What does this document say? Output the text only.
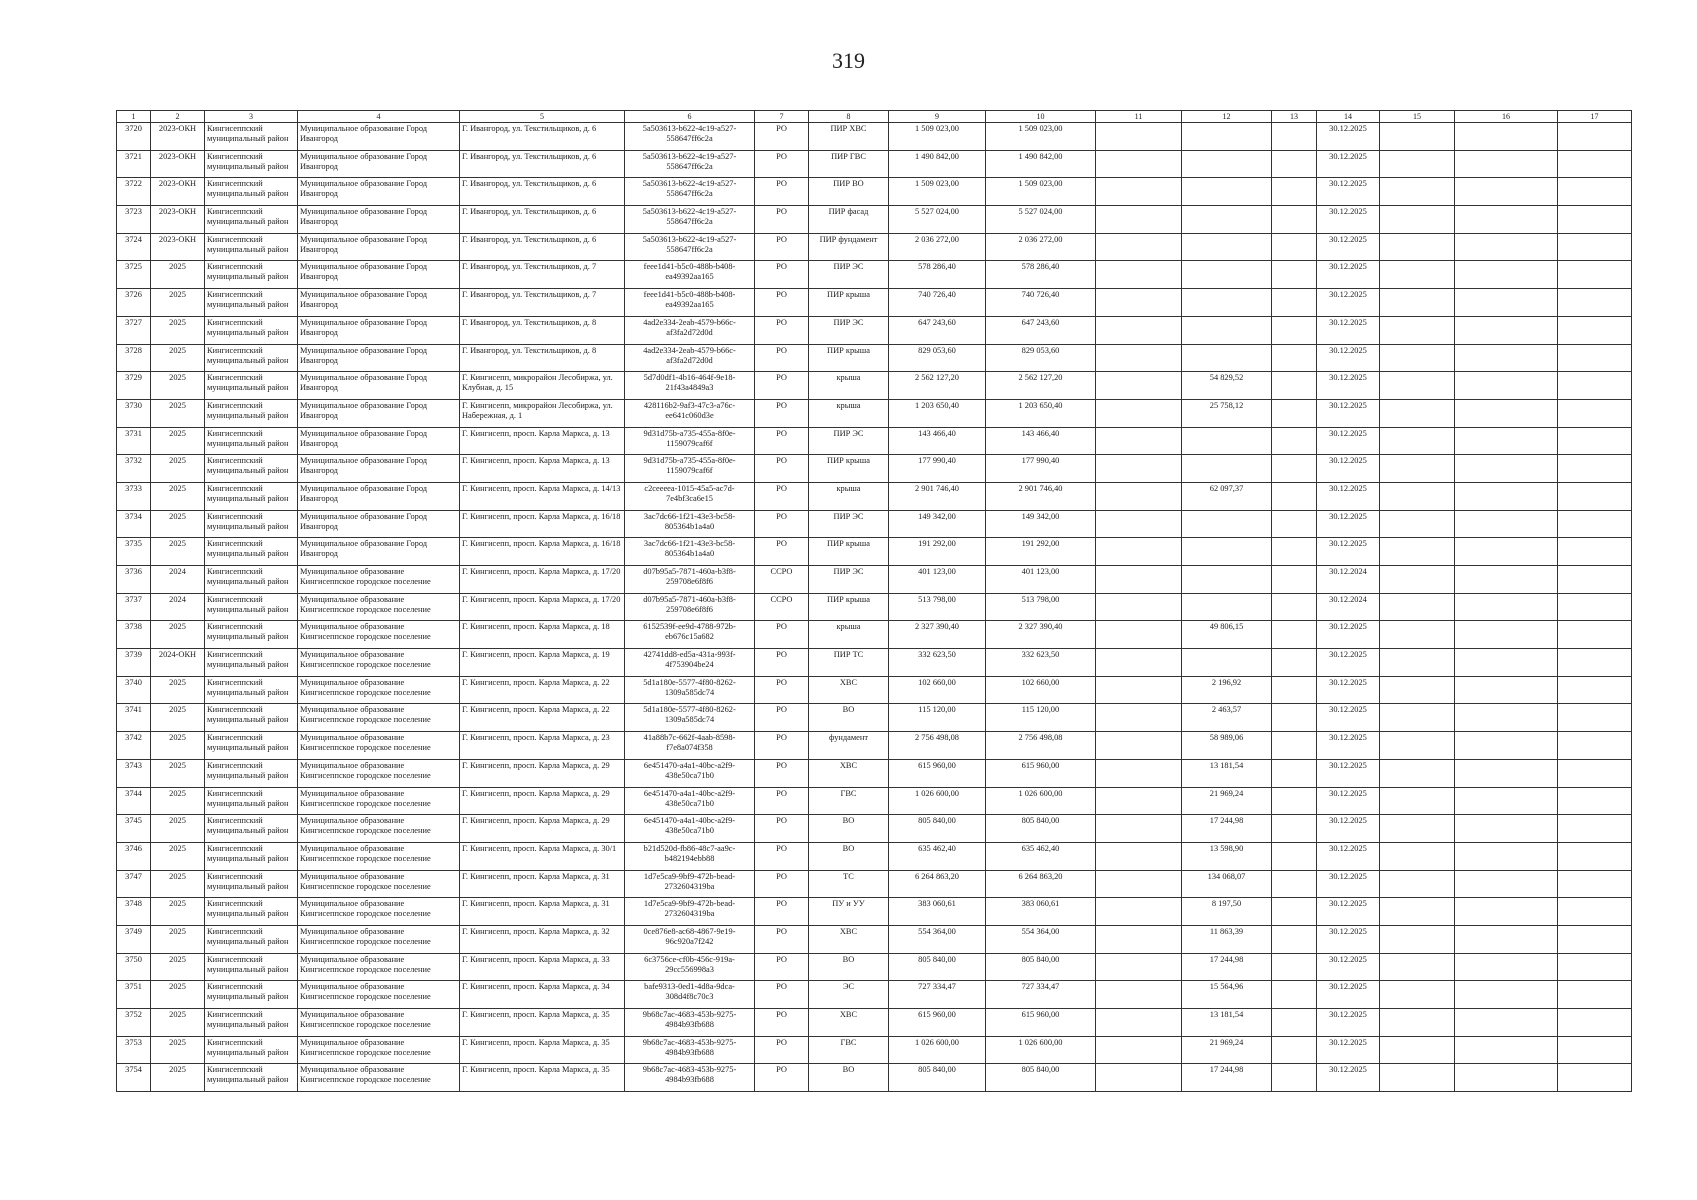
319
1	2	3	4	5	6	7	8	9	10	11	12	13	14	15	16	17
3720	2023-ОКН	Кингисеппский муниципальный район	Муниципальное образование Город Ивангород	Г. Ивангород, ул. Текстильщиков, д. 6	5a503613-b622-4c19-a527-558647ff6c2a	РО	ПИР ХВС	1 509 023,00	1 509 023,00				30.12.2025			
3721	2023-ОКН	Кингисеппский муниципальный район	Муниципальное образование Город Ивангород	Г. Ивангород, ул. Текстильщиков, д. 6	5a503613-b622-4c19-a527-558647ff6c2a	РО	ПИР ГВС	1 490 842,00	1 490 842,00				30.12.2025			
3722	2023-ОКН	Кингисеппский муниципальный район	Муниципальное образование Город Ивангород	Г. Ивангород, ул. Текстильщиков, д. 6	5a503613-b622-4c19-a527-558647ff6c2a	РО	ПИР ВО	1 509 023,00	1 509 023,00				30.12.2025			
3723	2023-ОКН	Кингисеппский муниципальный район	Муниципальное образование Город Ивангород	Г. Ивангород, ул. Текстильщиков, д. 6	5a503613-b622-4c19-a527-558647ff6c2a	РО	ПИР фасад	5 527 024,00	5 527 024,00				30.12.2025			
3724	2023-ОКН	Кингисеппский муниципальный район	Муниципальное образование Город Ивангород	Г. Ивангород, ул. Текстильщиков, д. 6	5a503613-b622-4c19-a527-558647ff6c2a	РО	ПИР фундамент	2 036 272,00	2 036 272,00				30.12.2025			
3725	2025	Кингисеппский муниципальный район	Муниципальное образование Город Ивангород	Г. Ивангород, ул. Текстильщиков, д. 7	feee1d41-b5c0-488b-b408-ea49392aa165	РО	ПИР ЭС	578 286,40	578 286,40				30.12.2025			
3726	2025	Кингисеппский муниципальный район	Муниципальное образование Город Ивангород	Г. Ивангород, ул. Текстильщиков, д. 7	feee1d41-b5c0-488b-b408-ea49392aa165	РО	ПИР крыша	740 726,40	740 726,40				30.12.2025			
3727	2025	Кингисеппский муниципальный район	Муниципальное образование Город Ивангород	Г. Ивангород, ул. Текстильщиков, д. 8	4ad2e334-2eab-4579-b66c-af3fa2d72d0d	РО	ПИР ЭС	647 243,60	647 243,60				30.12.2025			
3728	2025	Кингисеппский муниципальный район	Муниципальное образование Город Ивангород	Г. Ивангород, ул. Текстильщиков, д. 8	4ad2e334-2eab-4579-b66c-af3fa2d72d0d	РО	ПИР крыша	829 053,60	829 053,60				30.12.2025			
3729	2025	Кингисеппский муниципальный район	Муниципальное образование Город Ивангород	Г. Кингисепп, микрорайон Лесобиржа, ул. Клубная, д. 15	5d7d0df1-4b16-464f-9e18-21f43a4849a3	РО	крыша	2 562 127,20	2 562 127,20		54 829,52		30.12.2025			
3730	2025	Кингисеппский муниципальный район	Муниципальное образование Город Ивангород	Г. Кингисепп, микрорайон Лесобиржа, ул. Набережная, д. 1	428116b2-9af3-47c3-a76c-ee641c060d3e	РО	крыша	1 203 650,40	1 203 650,40		25 758,12		30.12.2025			
3731	2025	Кингисеппский муниципальный район	Муниципальное образование Город Ивангород	Г. Кингисепп, просп. Карла Маркса, д. 13	9d31d75b-a735-455a-8f0e-1159079caf6f	РО	ПИР ЭС	143 466,40	143 466,40				30.12.2025			
3732	2025	Кингисеппский муниципальный район	Муниципальное образование Город Ивангород	Г. Кингисепп, просп. Карла Маркса, д. 13	9d31d75b-a735-455a-8f0e-1159079caf6f	РО	ПИР крыша	177 990,40	177 990,40				30.12.2025			
3733	2025	Кингисеппский муниципальный район	Муниципальное образование Город Ивангород	Г. Кингисепп, просп. Карла Маркса, д. 14/13	c2ceeeea-1015-45a5-ac7d-7e4bf3ca6e15	РО	крыша	2 901 746,40	2 901 746,40		62 097,37		30.12.2025			
3734	2025	Кингисеппский муниципальный район	Муниципальное образование Город Ивангород	Г. Кингисепп, просп. Карла Маркса, д. 16/18	3ac7dc66-1f21-43e3-bc58-805364b1a4a0	РО	ПИР ЭС	149 342,00	149 342,00				30.12.2025			
3735	2025	Кингисеппский муниципальный район	Муниципальное образование Город Ивангород	Г. Кингисепп, просп. Карла Маркса, д. 16/18	3ac7dc66-1f21-43e3-bc58-805364b1a4a0	РО	ПИР крыша	191 292,00	191 292,00				30.12.2025			
3736	2024	Кингисеппский муниципальный район	Муниципальное образование Кингисеппское городское поселение	Г. Кингисепп, просп. Карла Маркса, д. 17/20	d07b95a5-7871-460a-b3f8-259708e6f8f6	ССРО	ПИР ЭС	401 123,00	401 123,00				30.12.2024			
3737	2024	Кингисеппский муниципальный район	Муниципальное образование Кингисеппское городское поселение	Г. Кингисепп, просп. Карла Маркса, д. 17/20	d07b95a5-7871-460a-b3f8-259708e6f8f6	ССРО	ПИР крыша	513 798,00	513 798,00				30.12.2024			
3738	2025	Кингисеппский муниципальный район	Муниципальное образование Кингисеппское городское поселение	Г. Кингисепп, просп. Карла Маркса, д. 18	6152539f-ee9d-4788-972b-eb676c15a682	РО	крыша	2 327 390,40	2 327 390,40		49 806,15		30.12.2025			
3739	2024-ОКН	Кингисеппский муниципальный район	Муниципальное образование Кингисеппское городское поселение	Г. Кингисепп, просп. Карла Маркса, д. 19	42741dd8-ed5a-431a-993f-4f753904be24	РО	ПИР ТС	332 623,50	332 623,50				30.12.2025			
3740	2025	Кингисеппский муниципальный район	Муниципальное образование Кингисеппское городское поселение	Г. Кингисепп, просп. Карла Маркса, д. 22	5d1a180e-5577-4f80-8262-1309a585dc74	РО	ХВС	102 660,00	102 660,00		2 196,92		30.12.2025			
3741	2025	Кингисеппский муниципальный район	Муниципальное образование Кингисеппское городское поселение	Г. Кингисепп, просп. Карла Маркса, д. 22	5d1a180e-5577-4f80-8262-1309a585dc74	РО	ВО	115 120,00	115 120,00		2 463,57		30.12.2025			
3742	2025	Кингисеппский муниципальный район	Муниципальное образование Кингисеппское городское поселение	Г. Кингисепп, просп. Карла Маркса, д. 23	41a88b7c-662f-4aab-8598-f7e8a074f358	РО	фундамент	2 756 498,08	2 756 498,08		58 989,06		30.12.2025			
3743	2025	Кингисеппский муниципальный район	Муниципальное образование Кингисеппское городское поселение	Г. Кингисепп, просп. Карла Маркса, д. 29	6e451470-a4a1-40bc-a2f9-438e50ca71b0	РО	ХВС	615 960,00	615 960,00		13 181,54		30.12.2025			
3744	2025	Кингисеппский муниципальный район	Муниципальное образование Кингисеппское городское поселение	Г. Кингисепп, просп. Карла Маркса, д. 29	6e451470-a4a1-40bc-a2f9-438e50ca71b0	РО	ГВС	1 026 600,00	1 026 600,00		21 969,24		30.12.2025			
3745	2025	Кингисеппский муниципальный район	Муниципальное образование Кингисеппское городское поселение	Г. Кингисепп, просп. Карла Маркса, д. 29	6e451470-a4a1-40bc-a2f9-438e50ca71b0	РО	ВО	805 840,00	805 840,00		17 244,98		30.12.2025			
3746	2025	Кингисеппский муниципальный район	Муниципальное образование Кингисеппское городское поселение	Г. Кингисепп, просп. Карла Маркса, д. 30/1	b21d520d-fb86-48c7-aa9c-b482194ebb88	РО	ВО	635 462,40	635 462,40		13 598,90		30.12.2025			
3747	2025	Кингисеппский муниципальный район	Муниципальное образование Кингисеппское городское поселение	Г. Кингисепп, просп. Карла Маркса, д. 31	1d7e5ca9-9bf9-472b-bead-2732604319ba	РО	ТС	6 264 863,20	6 264 863,20		134 068,07		30.12.2025			
3748	2025	Кингисеппский муниципальный район	Муниципальное образование Кингисеппское городское поселение	Г. Кингисепп, просп. Карла Маркса, д. 31	1d7e5ca9-9bf9-472b-bead-2732604319ba	РО	ПУ и УУ	383 060,61	383 060,61		8 197,50		30.12.2025			
3749	2025	Кингисеппский муниципальный район	Муниципальное образование Кингисеппское городское поселение	Г. Кингисепп, просп. Карла Маркса, д. 32	0ce876e8-ac68-4867-9e19-96c920a7f242	РО	ХВС	554 364,00	554 364,00		11 863,39		30.12.2025			
3750	2025	Кингисеппский муниципальный район	Муниципальное образование Кингисеппское городское поселение	Г. Кингисепп, просп. Карла Маркса, д. 33	6c3756ce-cf0b-456c-919a-29cc556998a3	РО	ВО	805 840,00	805 840,00		17 244,98		30.12.2025			
3751	2025	Кингисеппский муниципальный район	Муниципальное образование Кингисеппское городское поселение	Г. Кингисепп, просп. Карла Маркса, д. 34	bafe9313-0ed1-4d8a-9dca-308d4f8c70c3	РО	ЭС	727 334,47	727 334,47		15 564,96		30.12.2025			
3752	2025	Кингисеппский муниципальный район	Муниципальное образование Кингисеппское городское поселение	Г. Кингисепп, просп. Карла Маркса, д. 35	9b68c7ac-4683-453b-9275-4984b93fb688	РО	ХВС	615 960,00	615 960,00		13 181,54		30.12.2025			
3753	2025	Кингисеппский муниципальный район	Муниципальное образование Кингисеппское городское поселение	Г. Кингисепп, просп. Карла Маркса, д. 35	9b68c7ac-4683-453b-9275-4984b93fb688	РО	ГВС	1 026 600,00	1 026 600,00		21 969,24		30.12.2025			
3754	2025	Кингисеппский муниципальный район	Муниципальное образование Кингисеппское городское поселение	Г. Кингисепп, просп. Карла Маркса, д. 35	9b68c7ac-4683-453b-9275-4984b93fb688	РО	ВО	805 840,00	805 840,00		17 244,98		30.12.2025			
